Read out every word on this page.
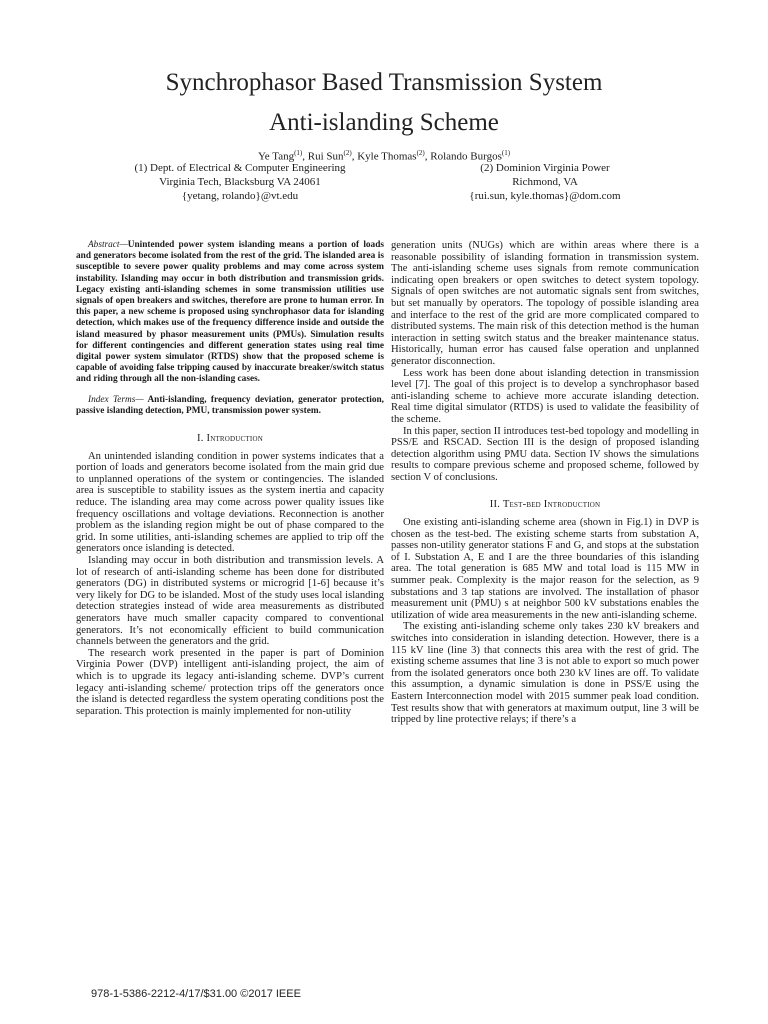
Synchrophasor Based Transmission System
Anti-islanding Scheme
Ye Tang$^{(1)}$, Rui Sun$^{(2)}$, Kyle Thomas$^{(2)}$, Rolando Burgos$^{(1)}$
(1) Dept. of Electrical & Computer Engineering
Virginia Tech, Blacksburg VA 24061
{yetang, rolando}@vt.edu
(2) Dominion Virginia Power
Richmond, VA
{rui.sun, kyle.thomas}@dom.com

Abstract—Unintended power system islanding means a portion of loads and generators become isolated from the rest of the grid. The islanded area is susceptible to severe power quality problems and may come across system instability. Islanding may occur in both distribution and transmission grids. Legacy existing anti-islanding schemes in some transmission utilities use signals of open breakers and switches, therefore are prone to human error. In this paper, a new scheme is proposed using synchrophasor data for islanding detection, which makes use of the frequency difference inside and outside the island measured by phasor measurement units (PMUs). Simulation results for different contingencies and different generation states using real time digital power system simulator (RTDS) show that the proposed scheme is capable of avoiding false tripping caused by inaccurate breaker/switch status and riding through all the non-islanding cases.

Index Terms— Anti-islanding, frequency deviation, generator protection, passive islanding detection, PMU, transmission power system.

I. Introduction

An unintended islanding condition in power systems indicates that a portion of loads and generators become isolated from the main grid due to unplanned operations of the system or contingencies. The islanded area is susceptible to stability issues as the system inertia and capacity reduce. The islanding area may come across power quality issues like frequency oscillations and voltage deviations. Reconnection is another problem as the islanding region might be out of phase compared to the grid. In some utilities, anti-islanding schemes are applied to trip off the generators once islanding is detected.

Islanding may occur in both distribution and transmission levels. A lot of research of anti-islanding scheme has been done for distributed generators (DG) in distributed systems or microgrid [1-6] because it’s very likely for DG to be islanded. Most of the study uses local islanding detection strategies instead of wide area measurements as distributed generators have much smaller capacity compared to conventional generators. It’s not economically efficient to build communication channels between the generators and the grid.

The research work presented in the paper is part of Dominion Virginia Power (DVP) intelligent anti-islanding project, the aim of which is to upgrade its legacy anti-islanding scheme. DVP’s current legacy anti-islanding scheme/ protection trips off the generators once the island is detected regardless the system operating conditions post the separation. This protection is mainly implemented for non-utility

generation units (NUGs) which are within areas where there is a reasonable possibility of islanding formation in transmission system. The anti-islanding scheme uses signals from remote communication indicating open breakers or open switches to detect system topology. Signals of open switches are not automatic signals sent from switches, but set manually by operators. The topology of possible islanding area and interface to the rest of the grid are more complicated compared to distributed systems. The main risk of this detection method is the human interaction in setting switch status and the breaker maintenance status. Historically, human error has caused false operation and unplanned generator disconnection.

Less work has been done about islanding detection in transmission level [7]. The goal of this project is to develop a synchrophasor based anti-islanding scheme to achieve more accurate islanding detection. Real time digital simulator (RTDS) is used to validate the feasibility of the scheme.

In this paper, section II introduces test-bed topology and modelling in PSS/E and RSCAD. Section III is the design of proposed islanding detection algorithm using PMU data. Section IV shows the simulations results to compare previous scheme and proposed scheme, followed by section V of conclusions.

II. Test-bed Introduction

One existing anti-islanding scheme area (shown in Fig.1) in DVP is chosen as the test-bed. The existing scheme starts from substation A, passes non-utility generator stations F and G, and stops at the substation of I. Substation A, E and I are the three boundaries of this islanding area. The total generation is 685 MW and total load is 115 MW in summer peak. Complexity is the major reason for the selection, as 9 substations and 3 tap stations are involved. The installation of phasor measurement unit (PMU) s at neighbor 500 kV substations enables the utilization of wide area measurements in the new anti-islanding scheme.

The existing anti-islanding scheme only takes 230 kV breakers and switches into consideration in islanding detection. However, there is a 115 kV line (line 3) that connects this area with the rest of grid. The existing scheme assumes that line 3 is not able to export so much power from the isolated generators once both 230 kV lines are off. To validate this assumption, a dynamic simulation is done in PSS/E using the Eastern Interconnection model with 2015 summer peak load condition. Test results show that with generators at maximum output, line 3 will be tripped by line protective relays; if there’s a

978-1-5386-2212-4/17/$31.00 ©2017 IEEE
